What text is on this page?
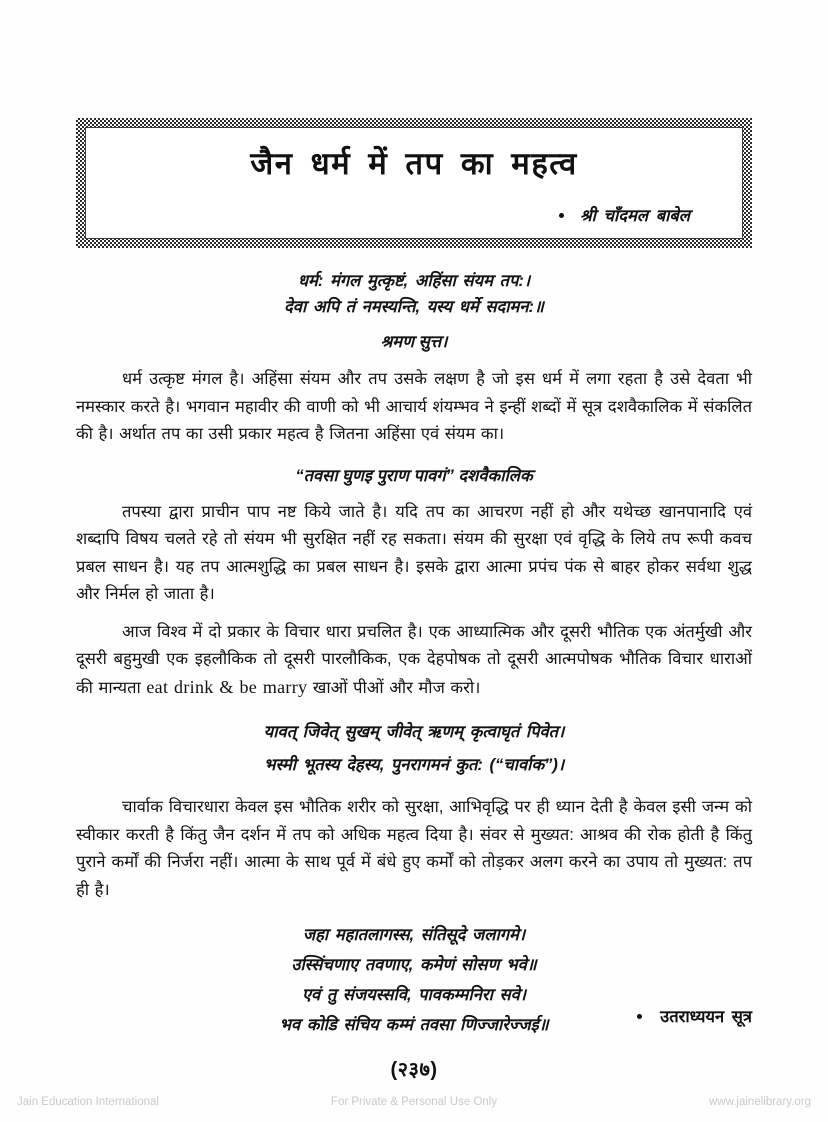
जैन धर्म में तप का महत्व
श्री चाँदमल बाबेल
धर्म: मंगल मुत्कृष्टं, अहिंसा संयम तप:।
देवा अपि तं नमस्यन्ति, यस्य धर्मे सदामन:॥
श्रमण सुत्त।

धर्म उत्कृष्ट मंगल है। अहिंसा संयम और तप उसके लक्षण है जो इस धर्म में लगा रहता है उसे देवता भी नमस्कार करते है। भगवान महावीर की वाणी को भी आचार्य शंयम्भव ने इन्हीं शब्दों में सूत्र दशवैकालिक में संकलित की है। अर्थात तप का उसी प्रकार महत्व है जितना अहिंसा एवं संयम का।

“तवसा घुणइ पुराण पावगं” दशवैकालिक

तपस्या द्वारा प्राचीन पाप नष्ट किये जाते है। यदि तप का आचरण नहीं हो और यथेच्छ खानपानादि एवं शब्दापि विषय चलते रहे तो संयम भी सुरक्षित नहीं रह सकता। संयम की सुरक्षा एवं वृद्धि के लिये तप रूपी कवच प्रबल साधन है। यह तप आत्मशुद्धि का प्रबल साधन है। इसके द्वारा आत्मा प्रपंच पंक से बाहर होकर सर्वथा शुद्ध और निर्मल हो जाता है।

आज विश्व में दो प्रकार के विचार धारा प्रचलित है। एक आध्यात्मिक और दूसरी भौतिक एक अंतर्मुखी और दूसरी बहुमुखी एक इहलौकिक तो दूसरी पारलौकिक, एक देहपोषक तो दूसरी आत्मपोषक भौतिक विचार धाराओं की मान्यता eat drink & be marry खाओं पीओं और मौज करो।

यावत् जिवेत् सुखम् जीवेत् ऋणम् कृत्वाघृतं पिवेत।
भस्मी भूतस्य देहस्य, पुनरागमनं कुत: (“चार्वाक”)।

चार्वाक विचारधारा केवल इस भौतिक शरीर को सुरक्षा, आभिवृद्धि पर ही ध्यान देती है केवल इसी जन्म को स्वीकार करती है किंतु जैन दर्शन में तप को अधिक महत्व दिया है। संवर से मुख्यत: आश्रव की रोक होती है किंतु पुराने कर्मों की निर्जरा नहीं। आत्मा के साथ पूर्व में बंधे हुए कर्मों को तोड़कर अलग करने का उपाय तो मुख्यत: तप ही है।

जहा महातलागस्स, संतिसूदे जलागमे।
उस्सिंचणाए तवणाए, कमेणं सोसण भवे॥
एवं तु संजयस्सवि, पावकम्मनिरा सवे।
भव कोडि संचिय कम्मं तवसा णिज्जारेज्जई॥	उतराध्ययन सूत्र
(२३७)
Jain Education International	For Private & Personal Use Only	www.jainelibrary.org
